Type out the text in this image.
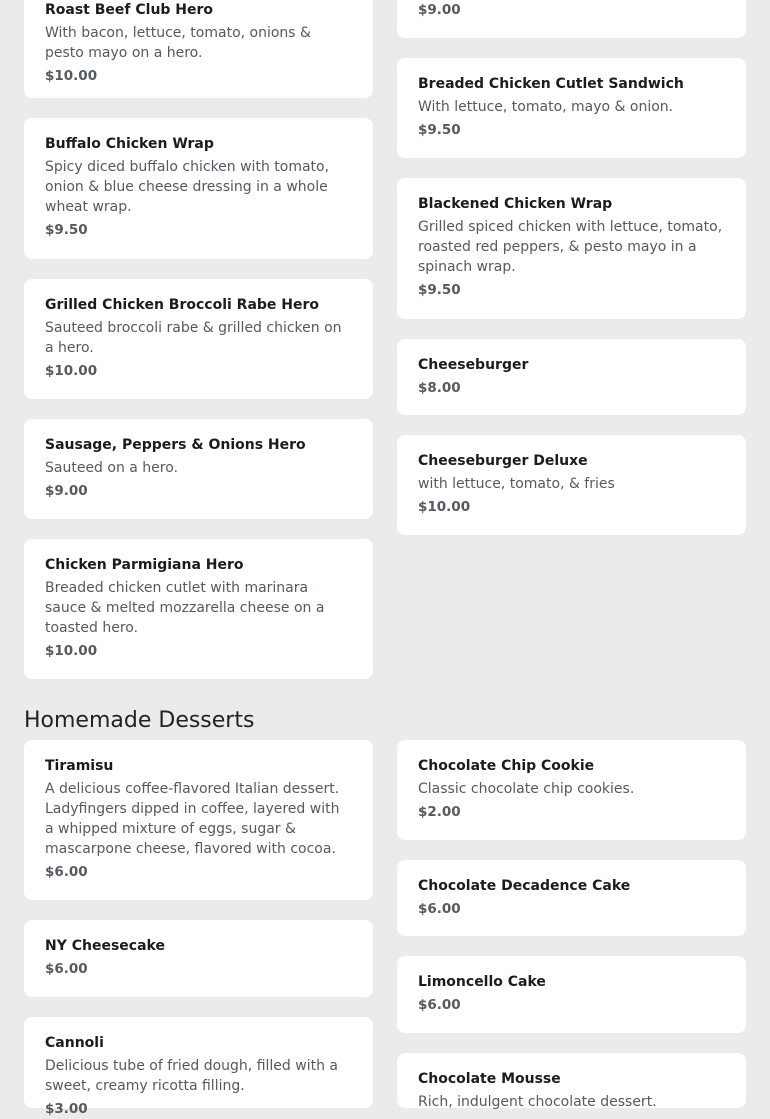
Roast Beef Club Hero
With bacon, lettuce, tomato, onions & pesto mayo on a hero.
$10.00
Buffalo Chicken Wrap
Spicy diced buffalo chicken with tomato, onion & blue cheese dressing in a whole wheat wrap.
$9.50
Grilled Chicken Broccoli Rabe Hero
Sauteed broccoli rabe & grilled chicken on a hero.
$10.00
Sausage, Peppers & Onions Hero
Sauteed on a hero.
$9.00
Chicken Parmigiana Hero
Breaded chicken cutlet with marinara sauce & melted mozzarella cheese on a toasted hero.
$10.00
$9.00
Breaded Chicken Cutlet Sandwich
With lettuce, tomato, mayo & onion.
$9.50
Blackened Chicken Wrap
Grilled spiced chicken with lettuce, tomato, roasted red peppers, & pesto mayo in a spinach wrap.
$9.50
Cheeseburger
$8.00
Cheeseburger Deluxe
with lettuce, tomato, & fries
$10.00
Homemade Desserts
Tiramisu
A delicious coffee-flavored Italian dessert. Ladyfingers dipped in coffee, layered with a whipped mixture of eggs, sugar & mascarpone cheese, flavored with cocoa.
$6.00
NY Cheesecake
$6.00
Cannoli
Delicious tube of fried dough, filled with a sweet, creamy ricotta filling.
$3.00
Chocolate Chip Cookie
Classic chocolate chip cookies.
$2.00
Chocolate Decadence Cake
$6.00
Limoncello Cake
$6.00
Chocolate Mousse
Rich, indulgent chocolate dessert.
